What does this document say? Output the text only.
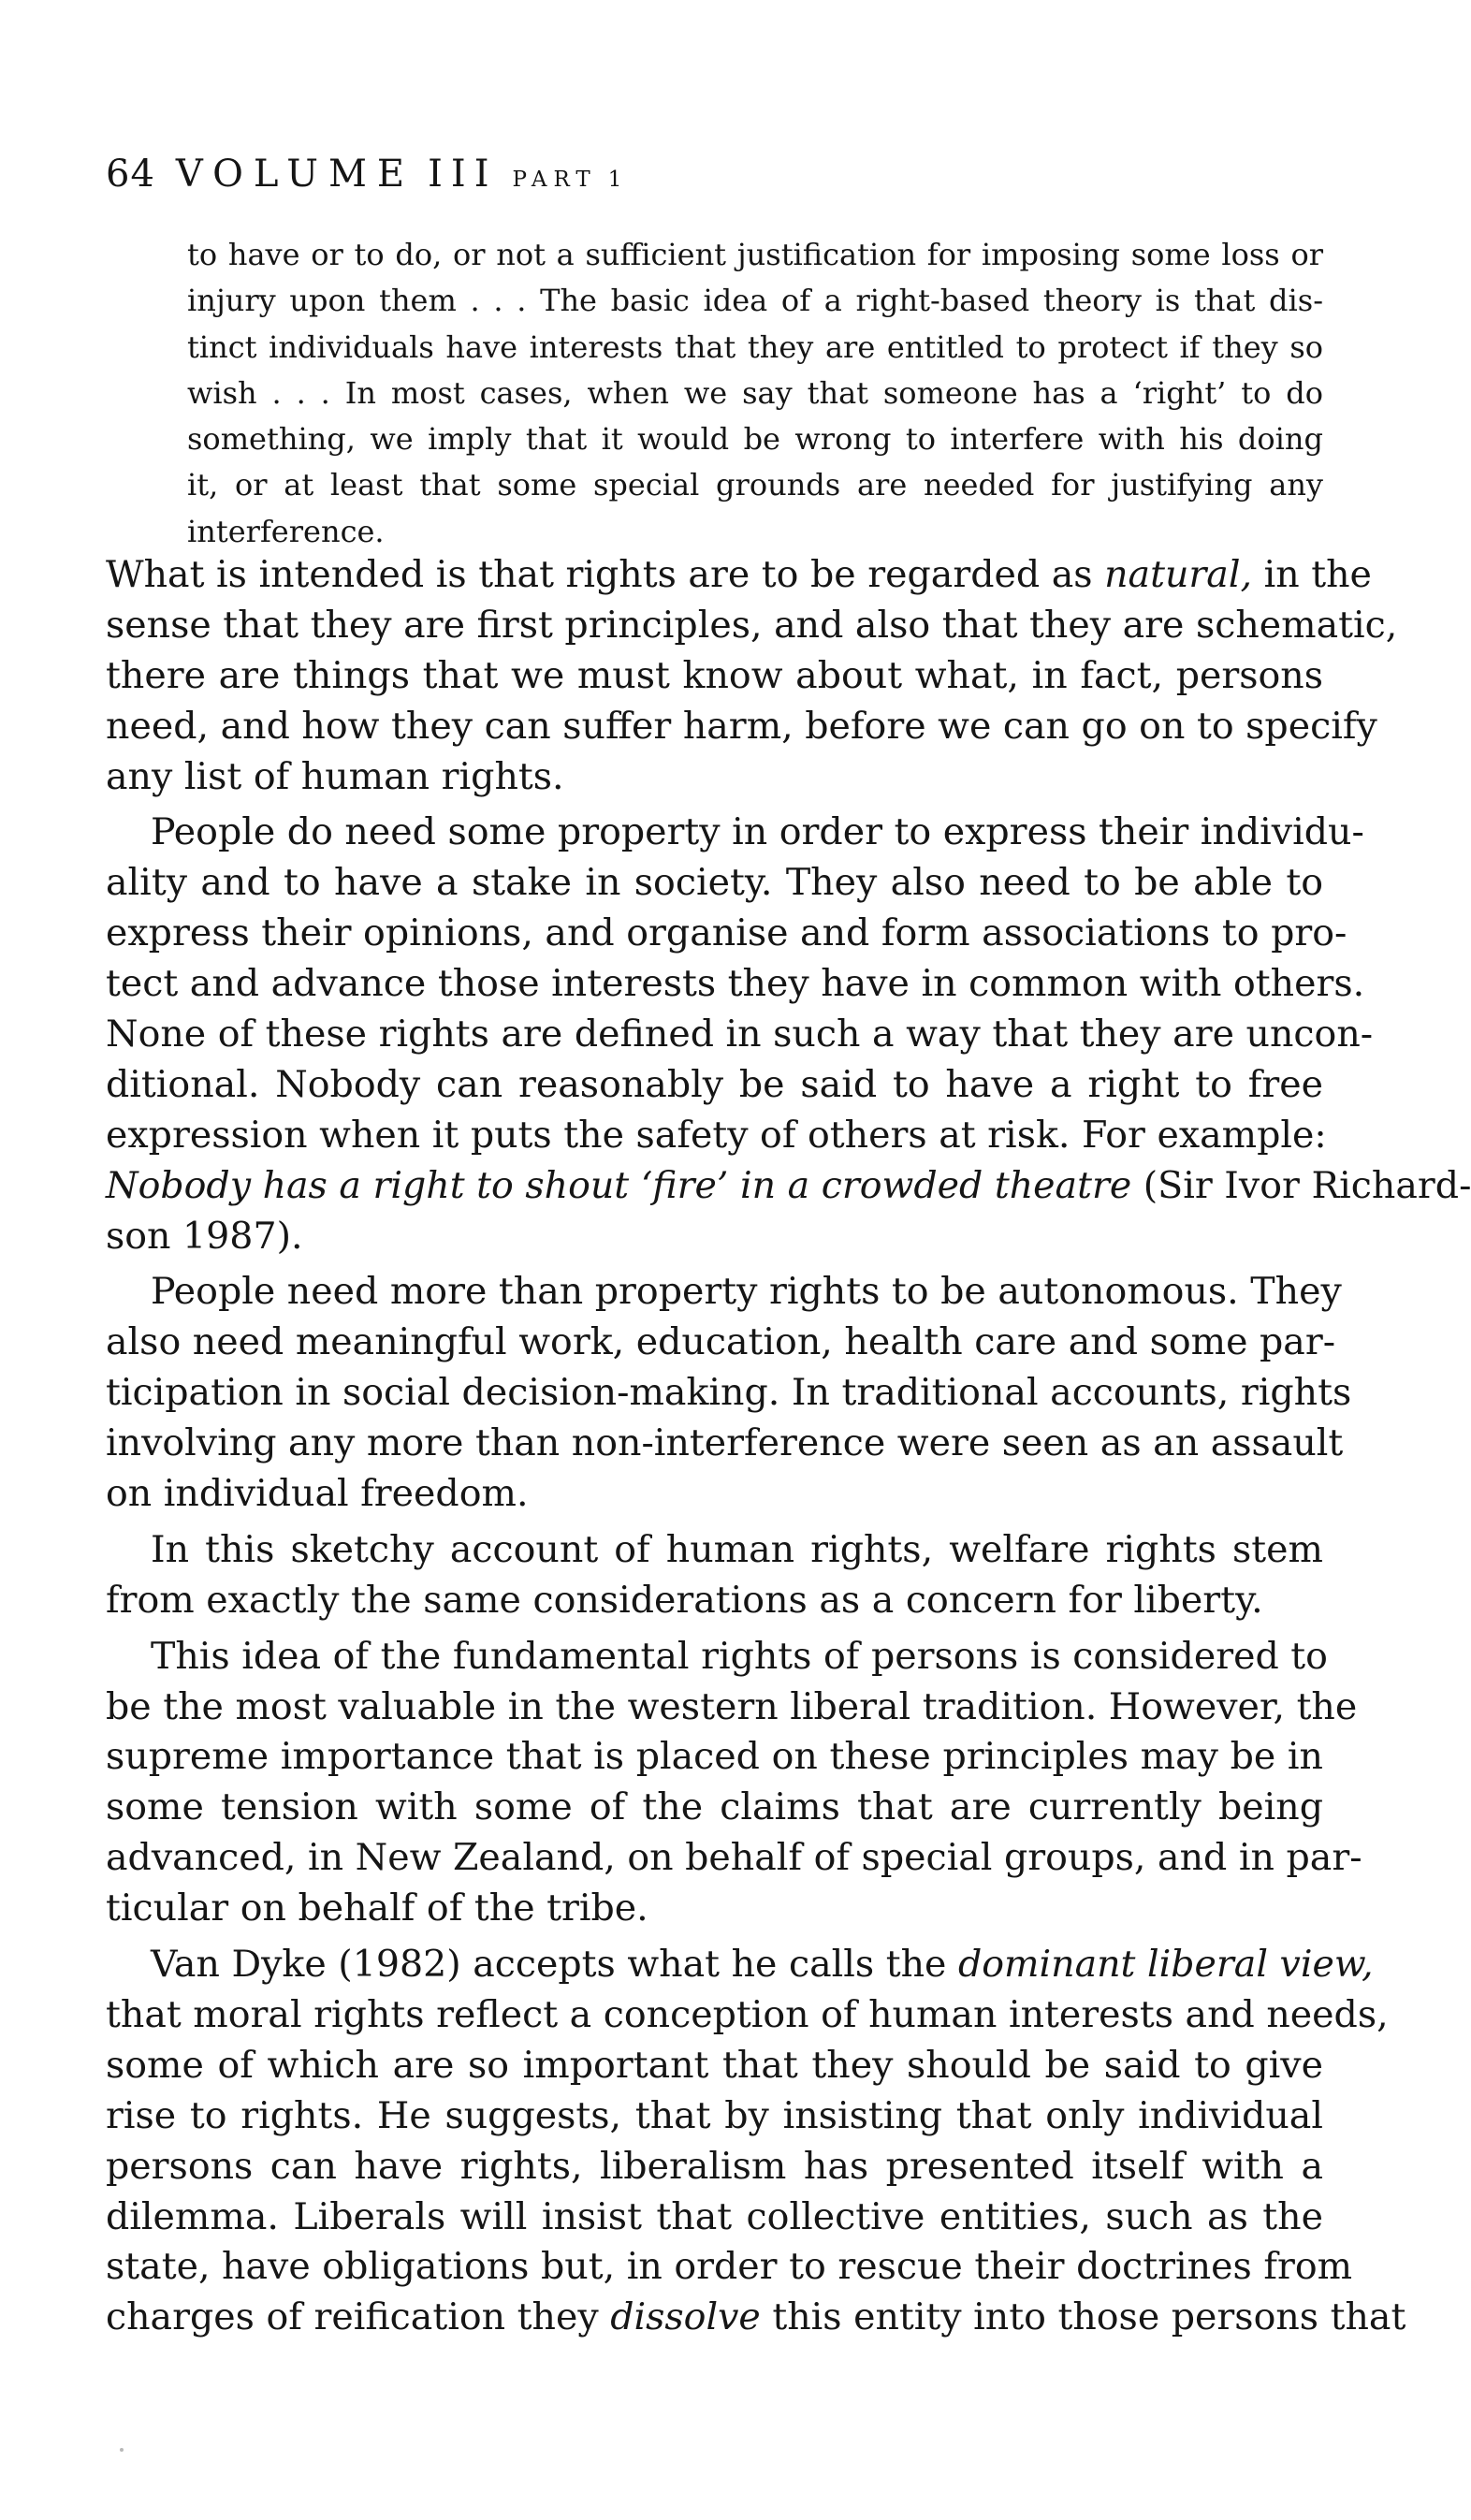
64 VOLUME III PART 1
to have or to do, or not a sufficient justification for imposing some loss or
injury upon them . . . The basic idea of a right-based theory is that dis-
tinct individuals have interests that they are entitled to protect if they so
wish . . . In most cases, when we say that someone has a ‘right’ to do
something, we imply that it would be wrong to interfere with his doing
it, or at least that some special grounds are needed for justifying any
interference.
What is intended is that rights are to be regarded as natural, in the
sense that they are first principles, and also that they are schematic,
there are things that we must know about what, in fact, persons
need, and how they can suffer harm, before we can go on to specify
any list of human rights.
People do need some property in order to express their individu-
ality and to have a stake in society. They also need to be able to
express their opinions, and organise and form associations to pro-
tect and advance those interests they have in common with others.
None of these rights are defined in such a way that they are uncon-
ditional. Nobody can reasonably be said to have a right to free
expression when it puts the safety of others at risk. For example:
Nobody has a right to shout ‘fire’ in a crowded theatre (Sir Ivor Richard-
son 1987).
People need more than property rights to be autonomous. They
also need meaningful work, education, health care and some par-
ticipation in social decision-making. In traditional accounts, rights
involving any more than non-interference were seen as an assault
on individual freedom.
In this sketchy account of human rights, welfare rights stem
from exactly the same considerations as a concern for liberty.
This idea of the fundamental rights of persons is considered to
be the most valuable in the western liberal tradition. However, the
supreme importance that is placed on these principles may be in
some tension with some of the claims that are currently being
advanced, in New Zealand, on behalf of special groups, and in par-
ticular on behalf of the tribe.
Van Dyke (1982) accepts what he calls the dominant liberal view,
that moral rights reflect a conception of human interests and needs,
some of which are so important that they should be said to give
rise to rights. He suggests, that by insisting that only individual
persons can have rights, liberalism has presented itself with a
dilemma. Liberals will insist that collective entities, such as the
state, have obligations but, in order to rescue their doctrines from
charges of reification they dissolve this entity into those persons that
